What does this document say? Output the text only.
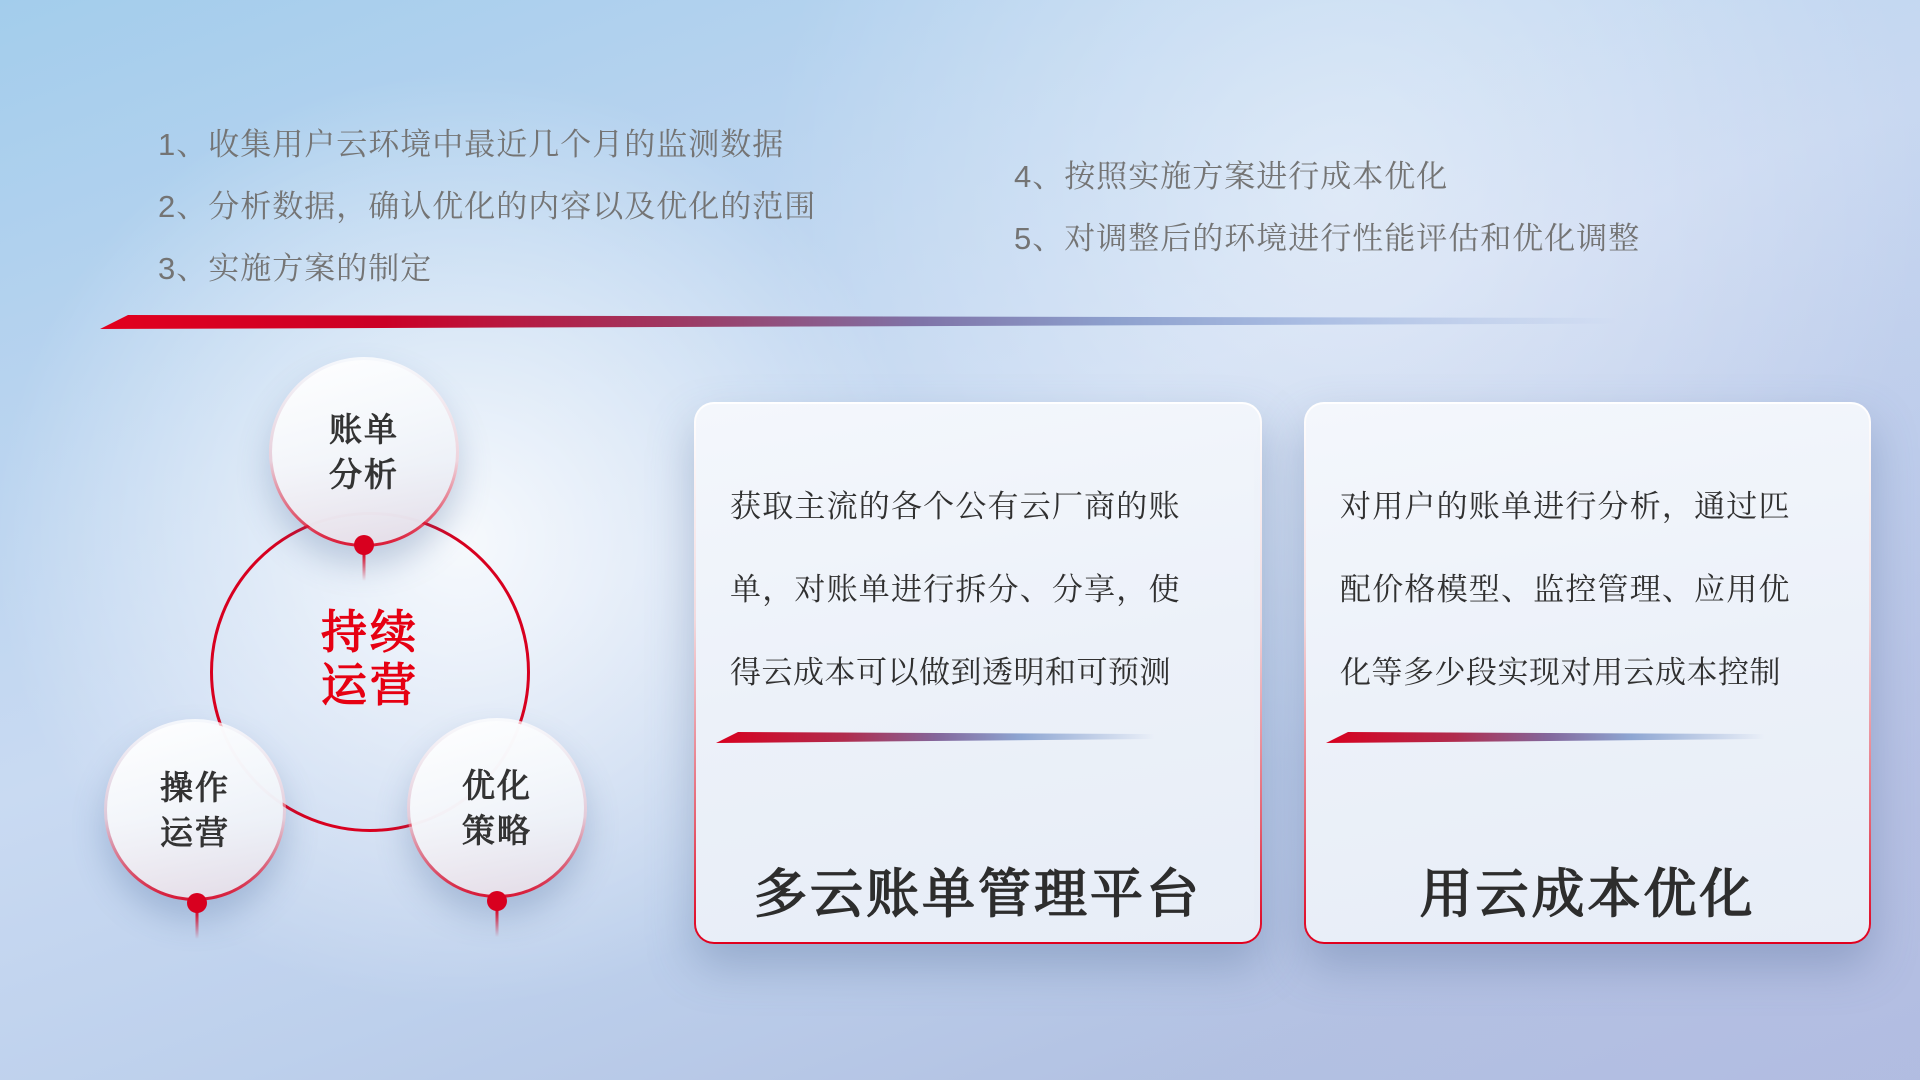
1、收集用户云环境中最近几个月的监测数据
2、分析数据，确认优化的内容以及优化的范围
3、实施方案的制定
4、按照实施方案进行成本优化
5、对调整后的环境进行性能评估和优化调整
持续
运营
账单
分析
操作
运营
优化
策略
获取主流的各个公有云厂商的账单，对账单进行拆分、分享，使得云成本可以做到透明和可预测
多云账单管理平台
对用户的账单进行分析，通过匹配价格模型、监控管理、应用优化等多少段实现对用云成本控制
用云成本优化
